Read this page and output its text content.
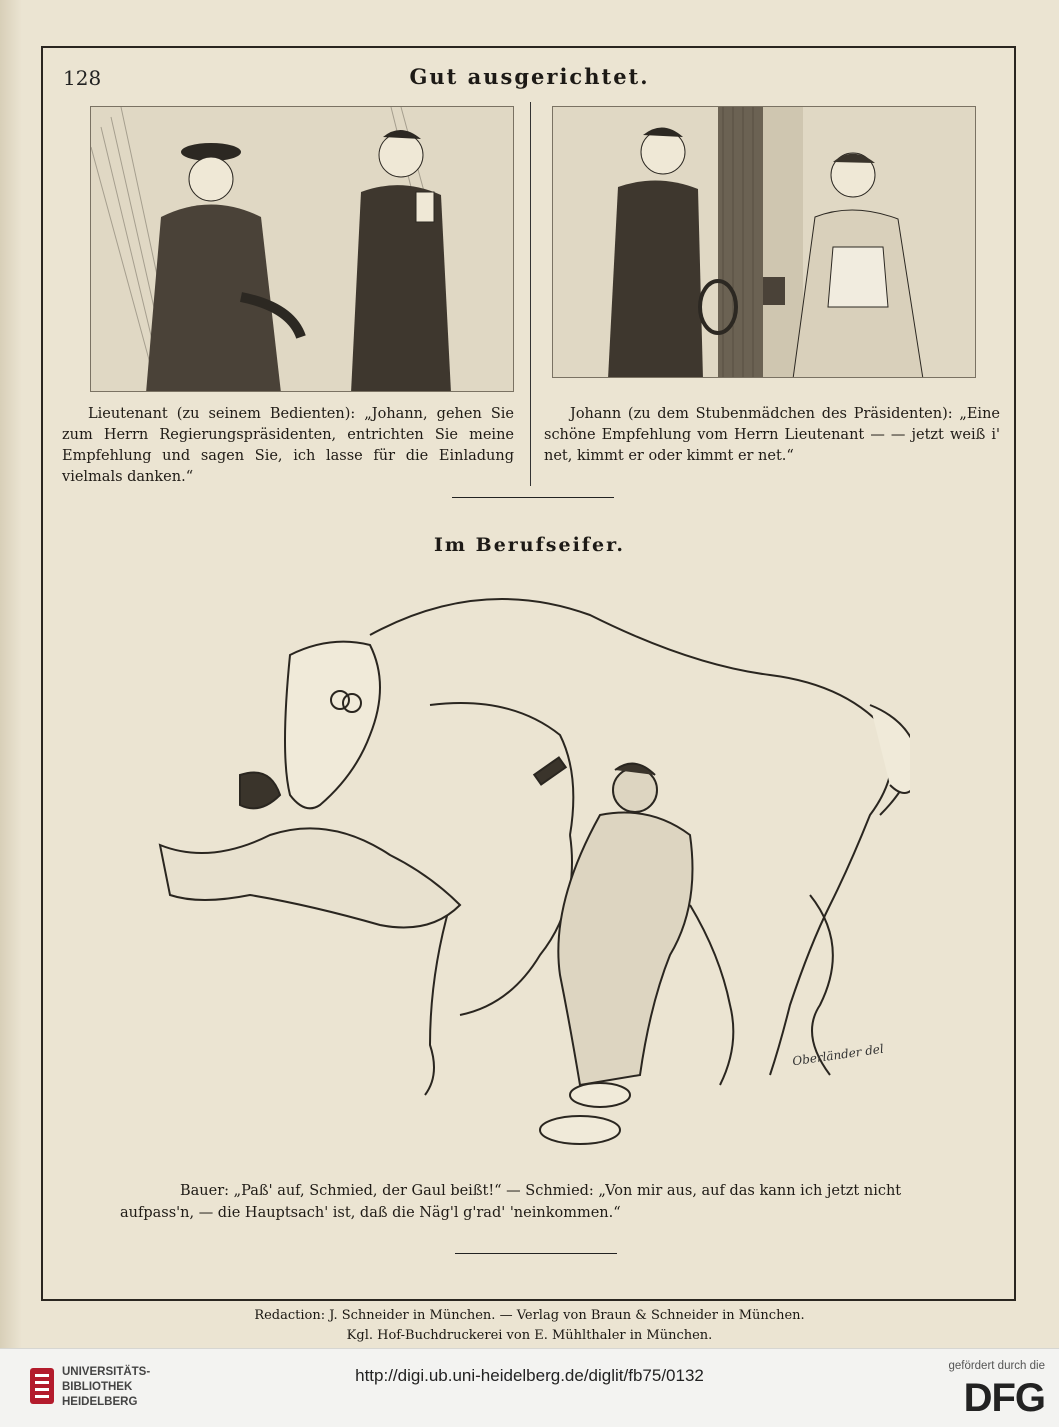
128	Gut ausgerichtet.
Lieutenant (zu seinem Bedienten): „Johann, gehen Sie zum Herrn Regierungspräsidenten, entrichten Sie meine Empfehlung und sagen Sie, ich lasse für die Einladung vielmals danken.“
Johann (zu dem Stubenmädchen des Präsidenten): „Eine schöne Empfehlung vom Herrn Lieutenant — — jetzt weiß i' net, kimmt er oder kimmt er net.“
Im Berufseifer.
Oberländer del
Bauer: „Paß' auf, Schmied, der Gaul beißt!“ — Schmied: „Von mir aus, auf das kann ich jetzt nicht aufpass'n, — die Hauptsach' ist, daß die Näg'l g'rad' 'neinkommen.“
Redaction: J. Schneider in München. — Verlag von Braun & Schneider in München.
Kgl. Hof-Buchdruckerei von E. Mühlthaler in München.
UNIVERSITÄTS-
BIBLIOTHEK
HEIDELBERG
http://digi.ub.uni-heidelberg.de/diglit/fb75/0132	gefördert durch die
DFG
